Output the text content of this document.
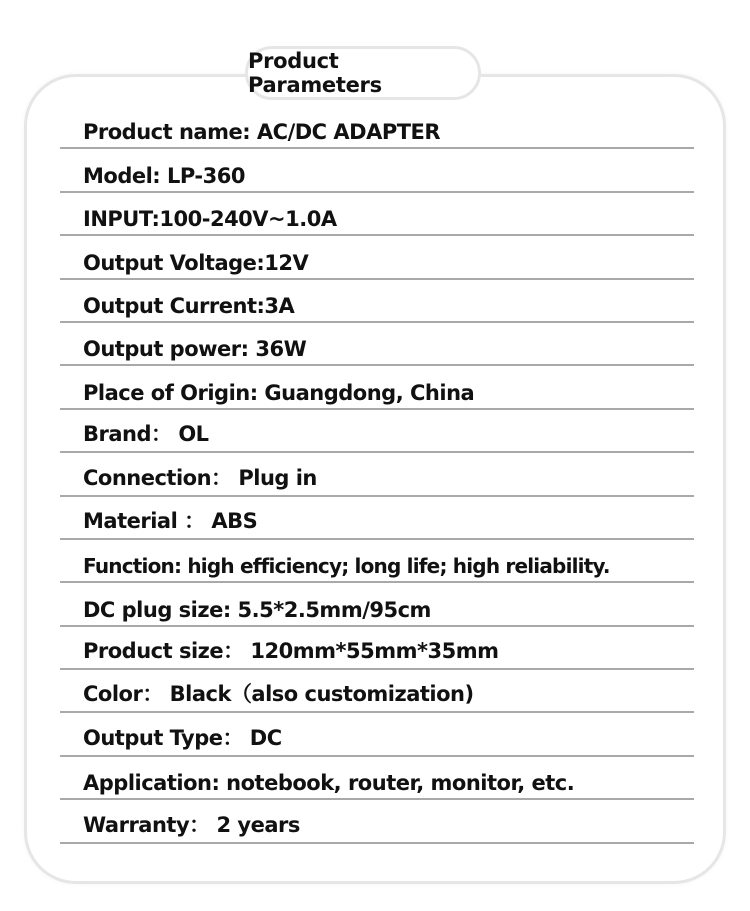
Product Parameters
Product name: AC/DC ADAPTER
Model: LP-360
INPUT:100-240V~1.0A
Output Voltage:12V
Output Current:3A
Output power: 36W
Place of Origin: Guangdong, China
Brand： OL
Connection： Plug in
Material ： ABS
Function: high efficiency; long life; high reliability.
DC plug size: 5.5*2.5mm/95cm
Product size： 120mm*55mm*35mm
Color： Black（also customization)
Output Type： DC
Application: notebook, router, monitor, etc.
Warranty： 2 years
